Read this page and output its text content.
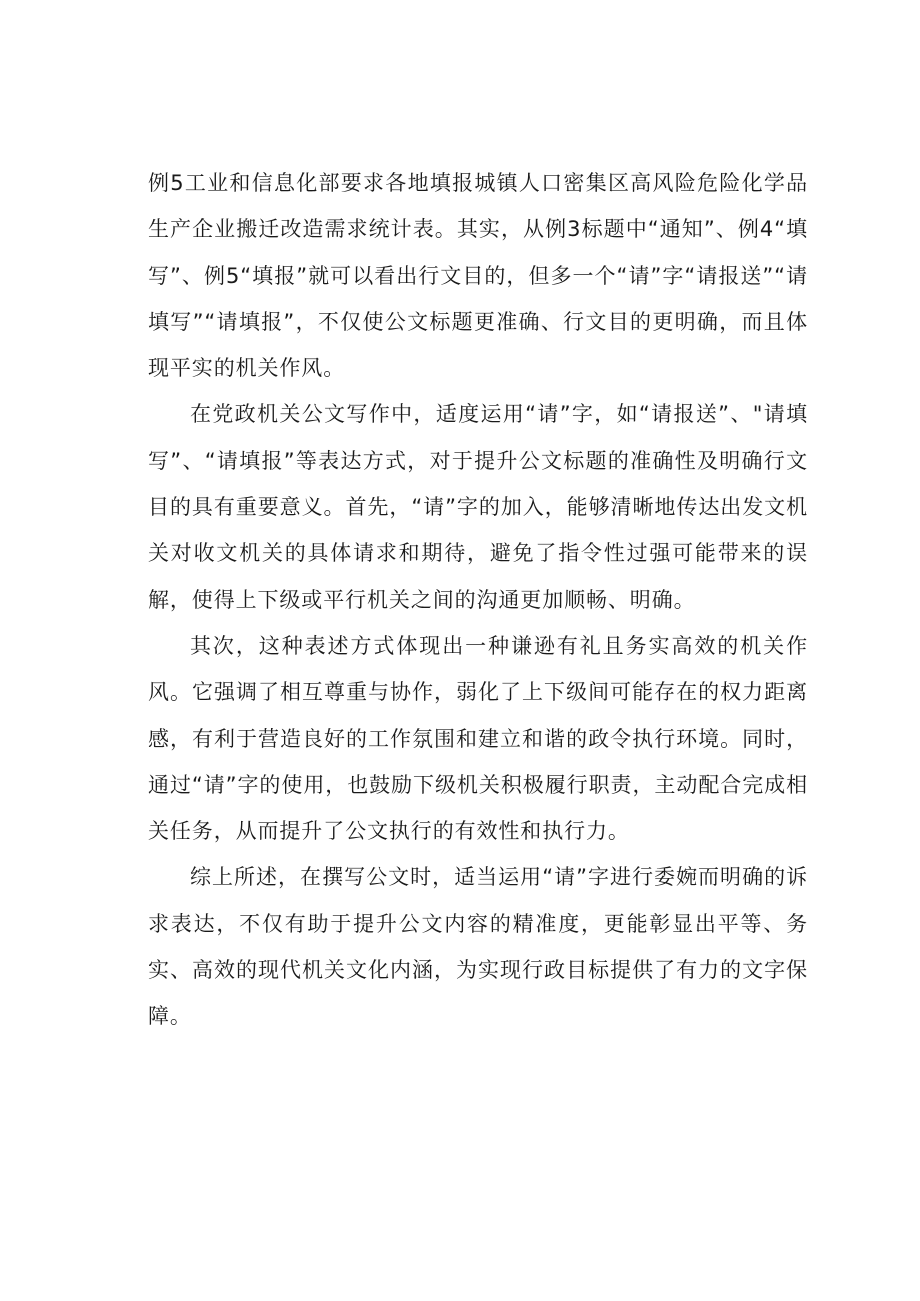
例5工业和信息化部要求各地填报城镇人口密集区高风险危险化学品生产企业搬迁改造需求统计表。其实，从例3标题中“通知”、例4“填写”、例5“填报”就可以看出行文目的，但多一个“请”字“请报送”“请填写”“请填报”，不仅使公文标题更准确、行文目的更明确，而且体现平实的机关作风。

在党政机关公文写作中，适度运用“请”字，如“请报送”、"请填写”、“请填报”等表达方式，对于提升公文标题的准确性及明确行文目的具有重要意义。首先，“请”字的加入，能够清晰地传达出发文机关对收文机关的具体请求和期待，避免了指令性过强可能带来的误解，使得上下级或平行机关之间的沟通更加顺畅、明确。

其次，这种表述方式体现出一种谦逊有礼且务实高效的机关作风。它强调了相互尊重与协作，弱化了上下级间可能存在的权力距离感，有利于营造良好的工作氛围和建立和谐的政令执行环境。同时，通过“请”字的使用，也鼓励下级机关积极履行职责，主动配合完成相关任务，从而提升了公文执行的有效性和执行力。

综上所述，在撰写公文时，适当运用“请”字进行委婉而明确的诉求表达，不仅有助于提升公文内容的精准度，更能彰显出平等、务实、高效的现代机关文化内涵，为实现行政目标提供了有力的文字保障。
